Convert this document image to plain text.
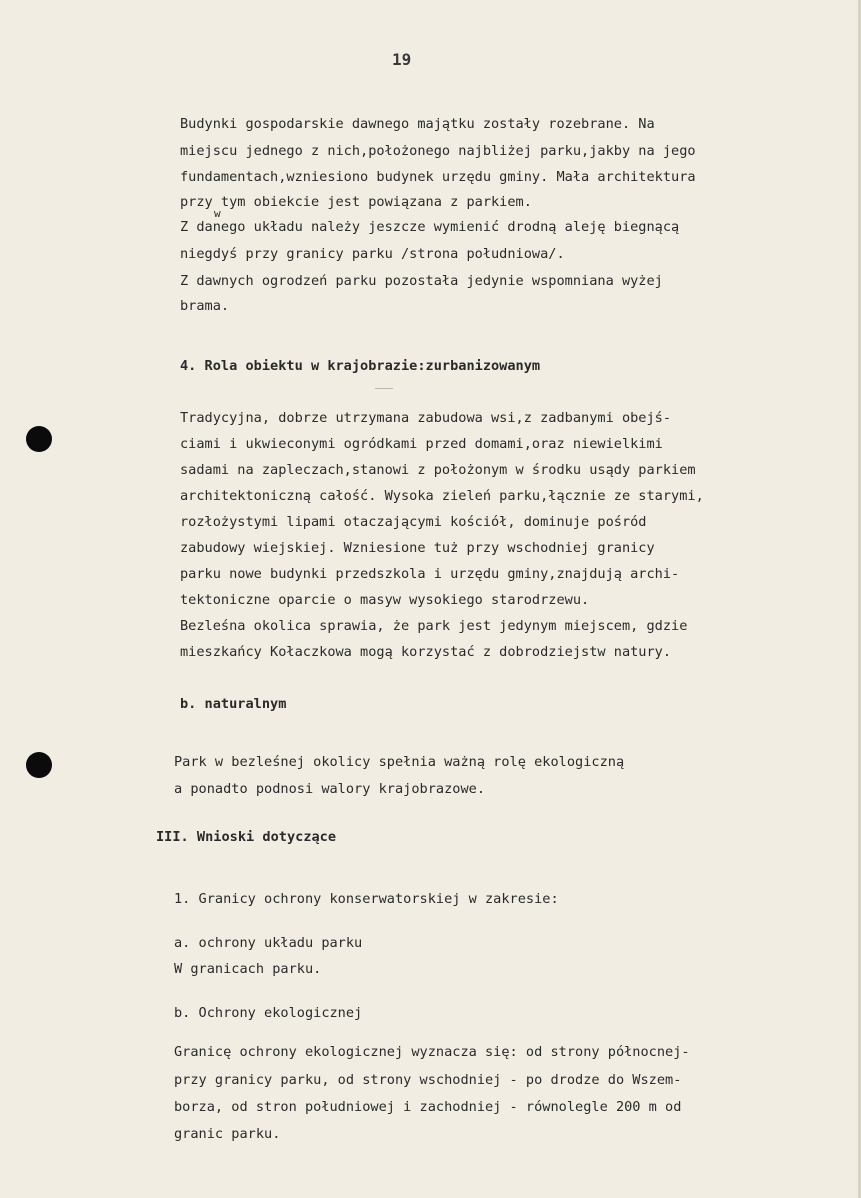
19
Budynki gospodarskie dawnego majątku zostały rozebrane. Na
miejscu jednego z nich,położonego najbliżej parku,jakby na jego
fundamentach,wzniesiono budynek urzędu gminy. Mała architektura
przy tym obiekcie jest powiązana z parkiem.
w
Z danego układu należy jeszcze wymienić drodną aleję biegnącą
niegdyś przy granicy parku /strona południowa/.
Z dawnych ogrodzeń parku pozostała jedynie wspomniana wyżej
brama.
4. Rola obiektu w krajobrazie:zurbanizowanym
Tradycyjna, dobrze utrzymana zabudowa wsi,z zadbanymi obejś-
ciami i ukwieconymi ogródkami przed domami,oraz niewielkimi
sadami na zapleczach,stanowi z położonym w środku usądy parkiem
architektoniczną całość. Wysoka zieleń parku,łącznie ze starymi,
rozłożystymi lipami otaczającymi kościół, dominuje pośród
zabudowy wiejskiej. Wzniesione tuż przy wschodniej granicy
parku nowe budynki przedszkola i urzędu gminy,znajdują archi-
tektoniczne oparcie o masyw wysokiego starodrzewu.
Bezleśna okolica sprawia, że park jest jedynym miejscem, gdzie
mieszkańcy Kołaczkowa mogą korzystać z dobrodziejstw natury.
b. naturalnym
Park w bezleśnej okolicy spełnia ważną rolę ekologiczną
a ponadto podnosi walory krajobrazowe.
III. Wnioski dotyczące
1. Granicy ochrony konserwatorskiej w zakresie:
a. ochrony układu parku
W granicach parku.
b. Ochrony ekologicznej
Granicę ochrony ekologicznej wyznacza się: od strony północnej-
przy granicy parku, od strony wschodniej - po drodze do Wszem-
borza, od stron południowej i zachodniej - równolegle 200 m od
granic parku.
